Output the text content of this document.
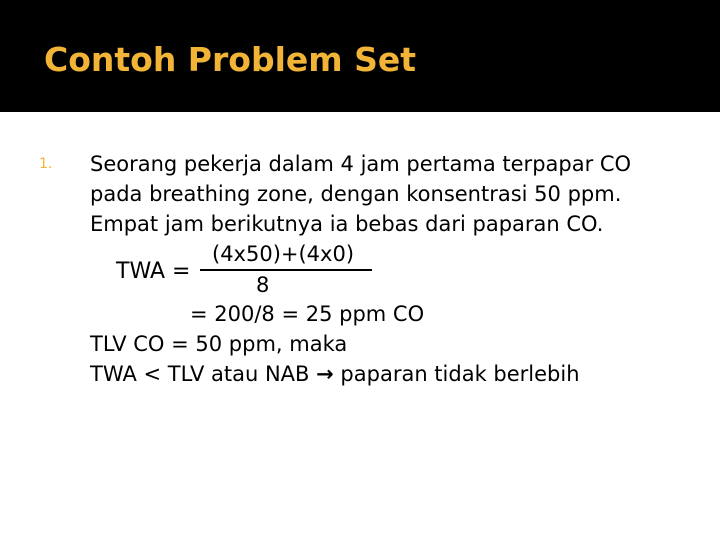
Contoh Problem Set
1. Seorang pekerja dalam 4 jam pertama terpapar CO
pada breathing zone, dengan konsentrasi 50 ppm.
Empat jam berikutnya ia bebas dari paparan CO.
(4x50)+(4x0)
TWA =
8
= 200/8 = 25 ppm CO
TLV CO = 50 ppm, maka
TWA < TLV atau NAB → paparan tidak berlebih
